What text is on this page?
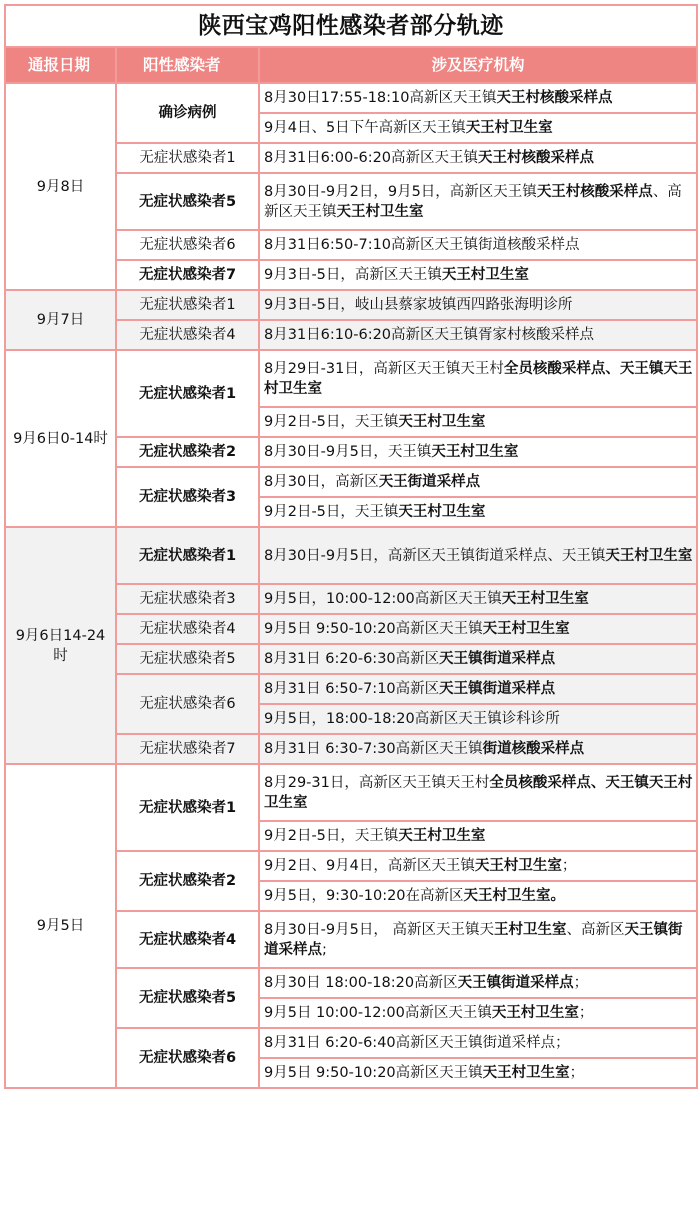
陕西宝鸡阳性感染者部分轨迹		
通报日期	阳性感染者	涉及医疗机构
9月8日	确诊病例	8月30日17:55-18:10高新区天王镇天王村核酸采样点
		9月4日、5日下午高新区天王镇天王村卫生室
	无症状感染者1	8月31日6:00-6:20高新区天王镇天王村核酸采样点
	无症状感染者5	8月30日-9月2日，9月5日，高新区天王镇天王村核酸采样点、高新区天王镇天王村卫生室
	无症状感染者6	8月31日6:50-7:10高新区天王镇街道核酸采样点
	无症状感染者7	9月3日-5日，高新区天王镇天王村卫生室
9月7日	无症状感染者1	9月3日-5日，岐山县蔡家坡镇西四路张海明诊所
	无症状感染者4	8月31日6:10-6:20高新区天王镇胥家村核酸采样点
9月6日0-14时	无症状感染者1	8月29日-31日，高新区天王镇天王村全员核酸采样点、天王镇天王村卫生室
		9月2日-5日，天王镇天王村卫生室
	无症状感染者2	8月30日-9月5日，天王镇天王村卫生室
	无症状感染者3	8月30日，高新区天王街道采样点
		9月2日-5日，天王镇天王村卫生室
9月6日14-24时	无症状感染者1	8月30日-9月5日，高新区天王镇街道采样点、天王镇天王村卫生室
	无症状感染者3	9月5日，10:00-12:00高新区天王镇天王村卫生室
	无症状感染者4	9月5日 9:50-10:20高新区天王镇天王村卫生室
	无症状感染者5	8月31日 6:20-6:30高新区天王镇街道采样点
	无症状感染者6	8月31日 6:50-7:10高新区天王镇街道采样点
		9月5日，18:00-18:20高新区天王镇诊科诊所
	无症状感染者7	8月31日 6:30-7:30高新区天王镇街道核酸采样点
9月5日	无症状感染者1	8月29-31日，高新区天王镇天王村全员核酸采样点、天王镇天王村卫生室
		9月2日-5日，天王镇天王村卫生室
	无症状感染者2	9月2日、9月4日，高新区天王镇天王村卫生室；
		9月5日，9:30-10:20在高新区天王村卫生室。
	无症状感染者4	8月30日-9月5日， 高新区天王镇天王村卫生室、高新区天王镇街道采样点;
	无症状感染者5	8月30日 18:00-18:20高新区天王镇街道采样点；
		9月5日 10:00-12:00高新区天王镇天王村卫生室；
	无症状感染者6	8月31日 6:20-6:40高新区天王镇街道采样点；
		9月5日 9:50-10:20高新区天王镇天王村卫生室；
